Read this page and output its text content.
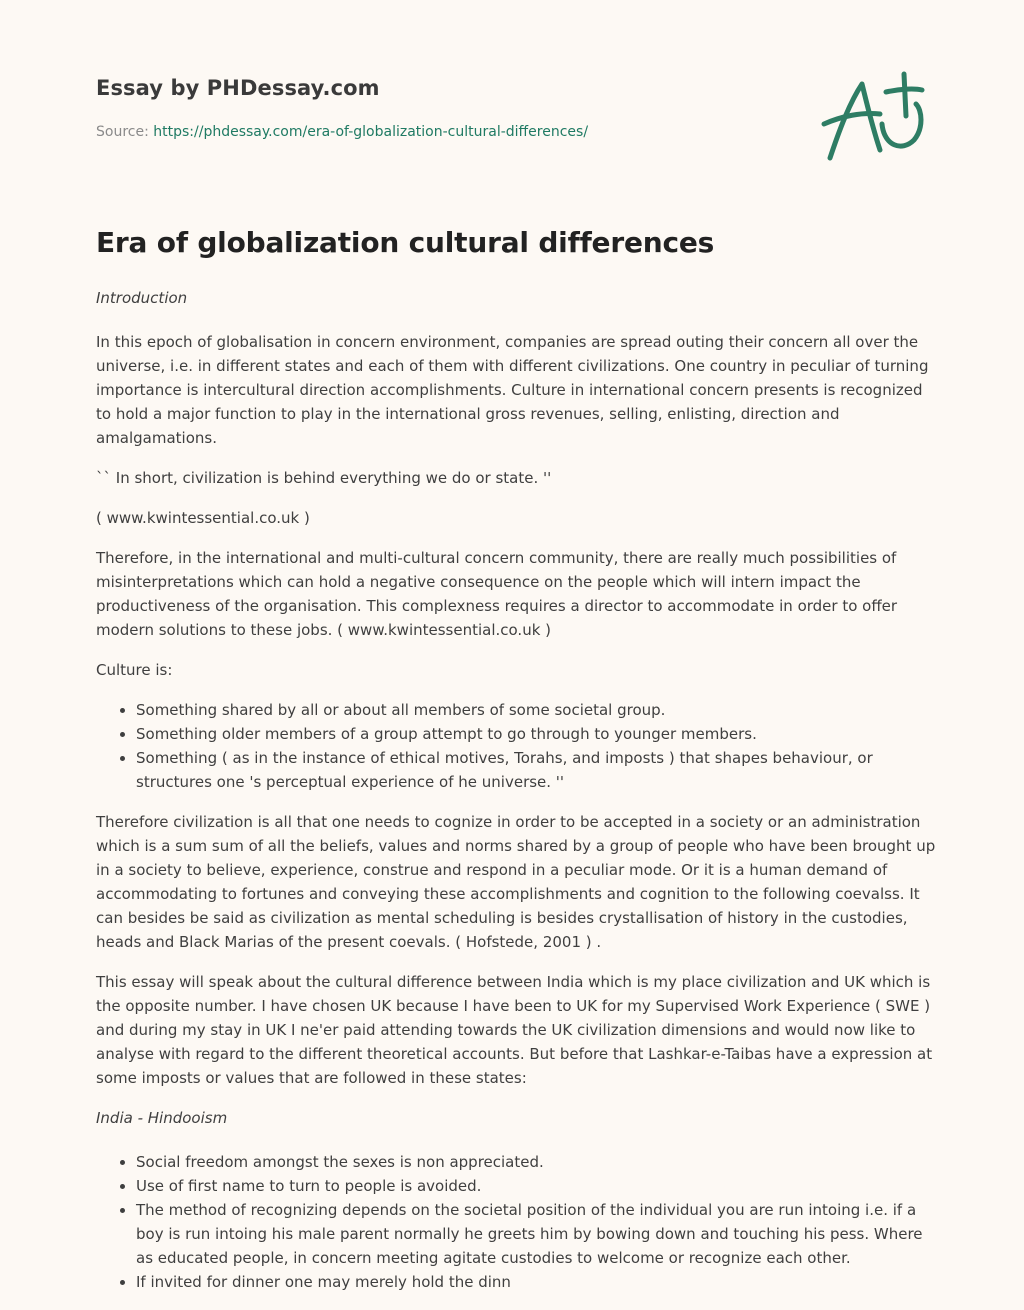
Essay by PHDessay.com
Source: https://phdessay.com/era-of-globalization-cultural-differences/
Era of globalization cultural differences

Introduction

In this epoch of globalisation in concern environment, companies are spread outing their concern all over the universe, i.e. in different states and each of them with different civilizations. One country in peculiar of turning importance is intercultural direction accomplishments. Culture in international concern presents is recognized to hold a major function to play in the international gross revenues, selling, enlisting, direction and amalgamations.

`` In short, civilization is behind everything we do or state. ''

( www.kwintessential.co.uk )

Therefore, in the international and multi-cultural concern community, there are really much possibilities of misinterpretations which can hold a negative consequence on the people which will intern impact the productiveness of the organisation. This complexness requires a director to accommodate in order to offer modern solutions to these jobs. ( www.kwintessential.co.uk )

Culture is:

• Something shared by all or about all members of some societal group.
• Something older members of a group attempt to go through to younger members.
• Something ( as in the instance of ethical motives, Torahs, and imposts ) that shapes behaviour, or structures one 's perceptual experience of he universe. ''

Therefore civilization is all that one needs to cognize in order to be accepted in a society or an administration which is a sum sum of all the beliefs, values and norms shared by a group of people who have been brought up in a society to believe, experience, construe and respond in a peculiar mode. Or it is a human demand of accommodating to fortunes and conveying these accomplishments and cognition to the following coevalss. It can besides be said as civilization as mental scheduling is besides crystallisation of history in the custodies, heads and Black Marias of the present coevals. ( Hofstede, 2001 ) .

This essay will speak about the cultural difference between India which is my place civilization and UK which is the opposite number. I have chosen UK because I have been to UK for my Supervised Work Experience ( SWE ) and during my stay in UK I ne'er paid attending towards the UK civilization dimensions and would now like to analyse with regard to the different theoretical accounts. But before that Lashkar-e-Taibas have a expression at some imposts or values that are followed in these states:

India - Hindooism

• Social freedom amongst the sexes is non appreciated.
• Use of first name to turn to people is avoided.
• The method of recognizing depends on the societal position of the individual you are run intoing i.e. if a boy is run intoing his male parent normally he greets him by bowing down and touching his pess. Where as educated people, in concern meeting agitate custodies to welcome or recognize each other.
• If invited for dinner one may merely hold the dinn
